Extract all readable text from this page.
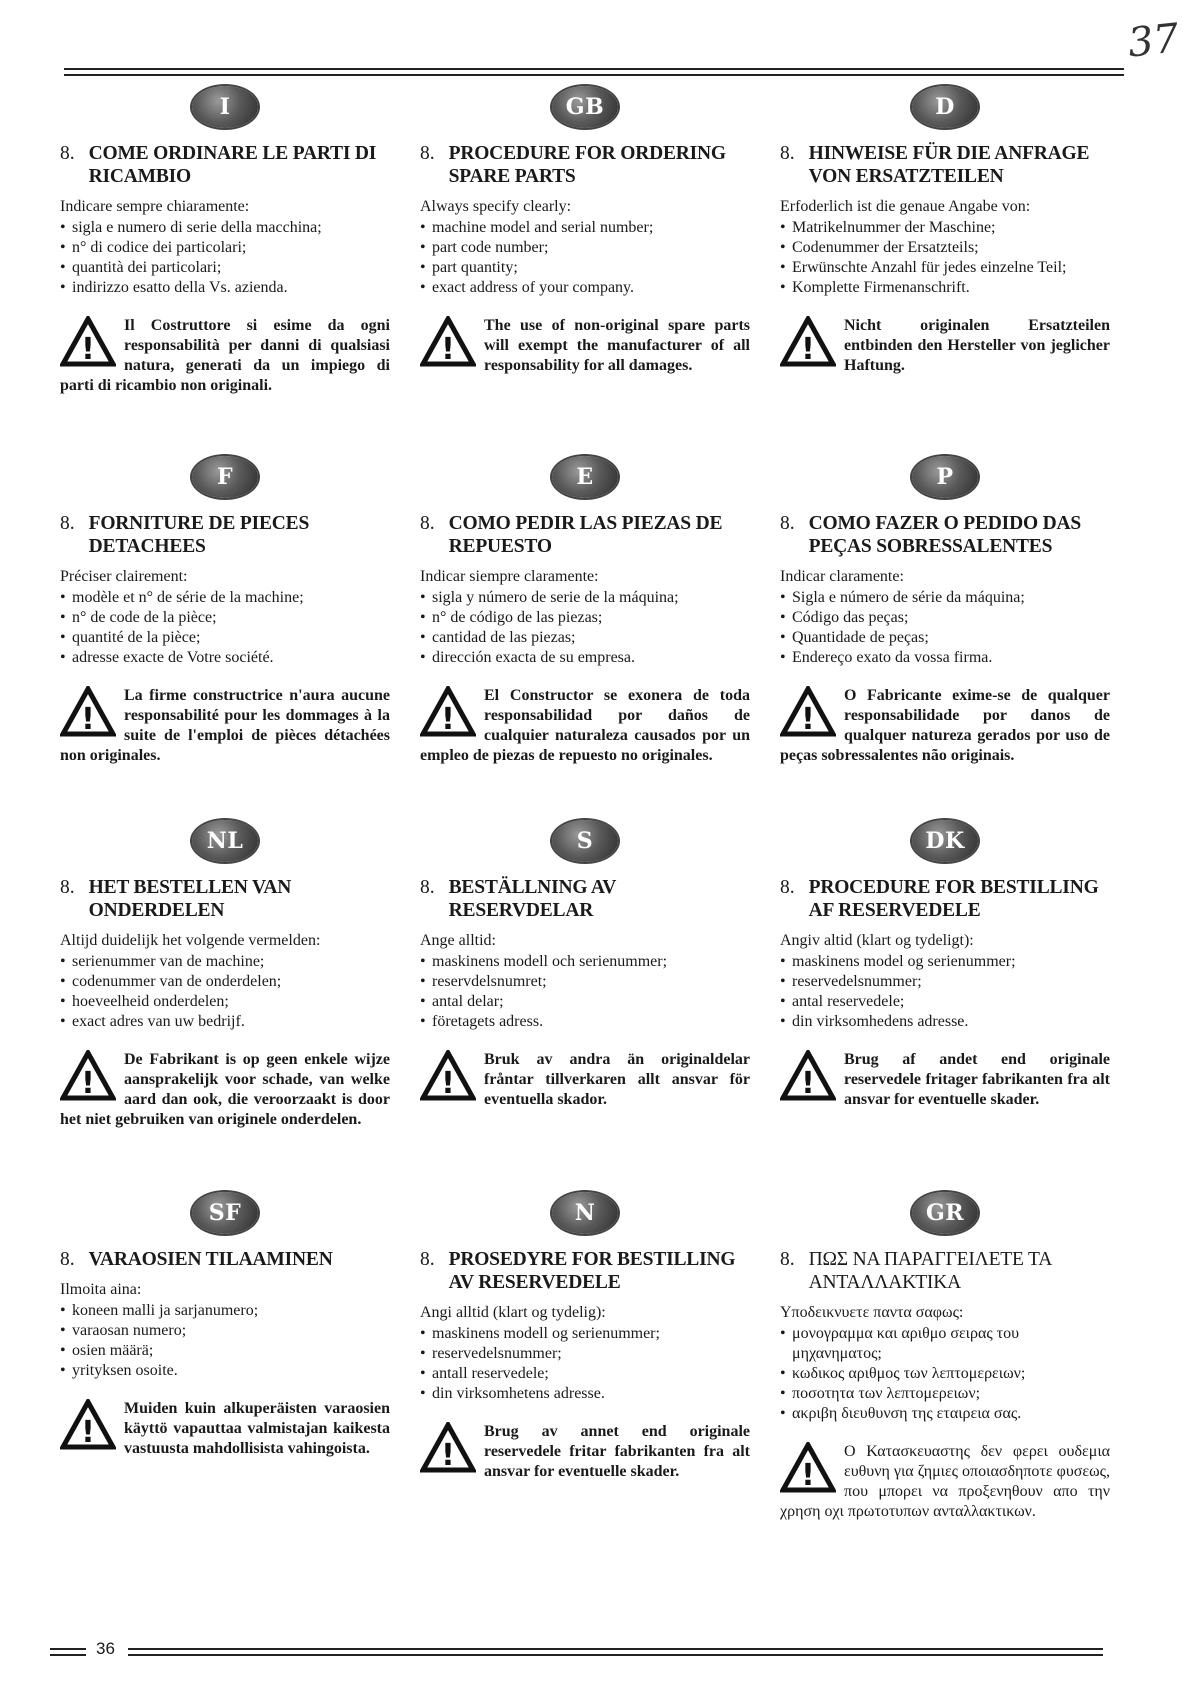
37
I
8. COME ORDINARE LE PARTI DI RICAMBIO
Indicare sempre chiaramente:
• sigla e numero di serie della macchina;
• n° di codice dei particolari;
• quantità dei particolari;
• indirizzo esatto della Vs. azienda.
!
Il Costruttore si esime da ogni responsabilità per danni di qualsiasi natura, generati da un impiego di parti di ricambio non originali.
GB
8. PROCEDURE FOR ORDERING SPARE PARTS
Always specify clearly:
• machine model and serial number;
• part code number;
• part quantity;
• exact address of your company.
!
The use of non-original spare parts will exempt the manufacturer of all responsability for all damages.
D
8. HINWEISE FÜR DIE ANFRAGE VON ERSATZTEILEN
Erfoderlich ist die genaue Angabe von:
• Matrikelnummer der Maschine;
• Codenummer der Ersatzteils;
• Erwünschte Anzahl für jedes einzelne Teil;
• Komplette Firmenanschrift.
!
Nicht originalen Ersatzteilen entbinden den Hersteller von jeglicher Haftung.
F
8. FORNITURE DE PIECES DETACHEES
Préciser clairement:
• modèle et n° de série de la machine;
• n° de code de la pièce;
• quantité de la pièce;
• adresse exacte de Votre société.
!
La firme constructrice n'aura aucune responsabilité pour les dommages à la suite de l'emploi de pièces détachées non originales.
E
8. COMO PEDIR LAS PIEZAS DE REPUESTO
Indicar siempre claramente:
• sigla y número de serie de la máquina;
• n° de código de las piezas;
• cantidad de las piezas;
• dirección exacta de su empresa.
!
El Constructor se exonera de toda responsabilidad por daños de cualquier naturaleza causados por un empleo de piezas de repuesto no originales.
P
8. COMO FAZER O PEDIDO DAS PEÇAS SOBRESSALENTES
Indicar claramente:
• Sigla e número de série da máquina;
• Código das peças;
• Quantidade de peças;
• Endereço exato da vossa firma.
!
O Fabricante exime-se de qualquer responsabilidade por danos de qualquer natureza gerados por uso de peças sobressalentes não originais.
NL
8. HET BESTELLEN VAN ONDERDELEN
Altijd duidelijk het volgende vermelden:
• serienummer van de machine;
• codenummer van de onderdelen;
• hoeveelheid onderdelen;
• exact adres van uw bedrijf.
!
De Fabrikant is op geen enkele wijze aansprakelijk voor schade, van welke aard dan ook, die veroorzaakt is door het niet gebruiken van originele onderdelen.
S
8. BESTÄLLNING AV RESERVDELAR
Ange alltid:
• maskinens modell och serienummer;
• reservdelsnumret;
• antal delar;
• företagets adress.
!
Bruk av andra än originaldelar fråntar tillverkaren allt ansvar för eventuella skador.
DK
8. PROCEDURE FOR BESTILLING AF RESERVEDELE
Angiv altid (klart og tydeligt):
• maskinens model og serienummer;
• reservedelsnummer;
• antal reservedele;
• din virksomhedens adresse.
!
Brug af andet end originale reservedele fritager fabrikanten fra alt ansvar for eventuelle skader.
SF
8. VARAOSIEN TILAAMINEN
Ilmoita aina:
• koneen malli ja sarjanumero;
• varaosan numero;
• osien määrä;
• yrityksen osoite.
!
Muiden kuin alkuperäisten varaosien käyttö vapauttaa valmistajan kaikesta vastuusta mahdollisista vahingoista.
N
8. PROSEDYRE FOR BESTILLING AV RESERVEDELE
Angi alltid (klart og tydelig):
• maskinens modell og serienummer;
• reservedelsnummer;
• antall reservedele;
• din virksomhetens adresse.
!
Brug av annet end originale reservedele fritar fabrikanten fra alt ansvar for eventuelle skader.
GR
8. ΠΩΣ ΝΑ ΠΑΡΑΓΓΕΙΛΕΤΕ ΤΑ ΑΝΤΑΛΛΑΚΤΙΚΑ
Υποδεικνυετε παντα σαφως:
• μονογραμμα και αριθμο σειρας του μηχανηματος;
• κωδικος αριθμος των λεπτομερειων;
• ποσοτητα των λεπτομερειων;
• ακριβη διευθυνση της εταιρεια σας.
!
O Κατασκευαστης δεν φερει ουδεμια ευθυνη για ζημιες οποιασδηποτε φυσεως, που μπορει να προξενηθουν απο την χρηση οχι πρωτοτυπων ανταλλακτικων.
36
